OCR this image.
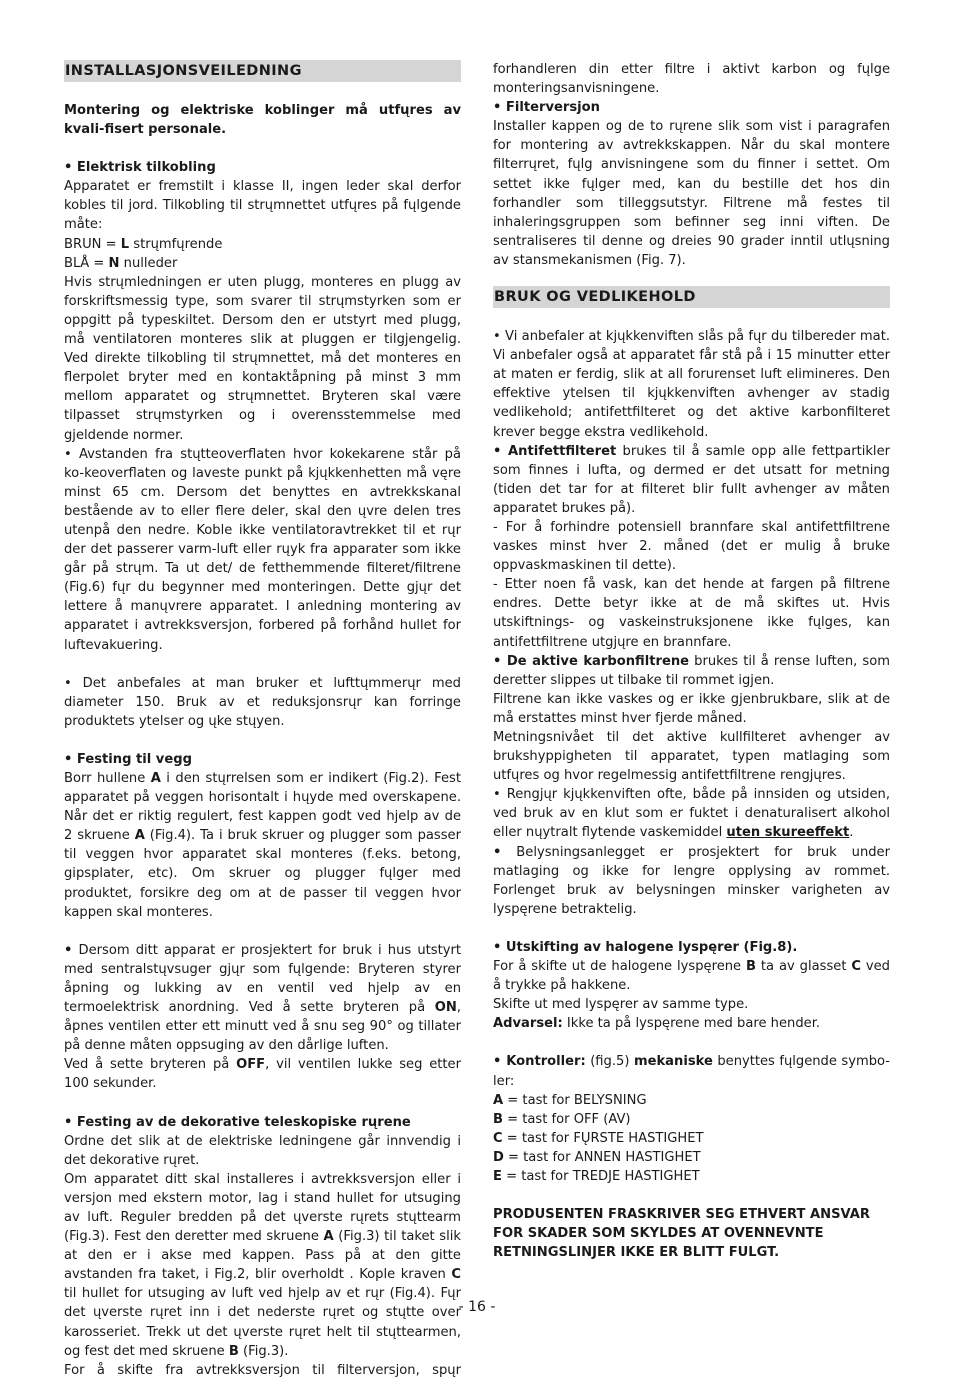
INSTALLASJONSVEILEDNING

Montering og elektriske koblinger må utfųres av kvali-fisert personale.

• Elektrisk tilkobling

Apparatet er fremstilt i klasse II, ingen leder skal derfor kobles til jord. Tilkobling til strųmnettet utfųres på fųlgende måte:

BRUN = L strųmfųrende

BLÅ = N nulleder

Hvis strųmledningen er uten plugg, monteres en plugg av forskriftsmessig type, som svarer til strųmstyrken som er oppgitt på typeskiltet. Dersom den er utstyrt med plugg, må ventilatoren monteres slik at pluggen er tilgjengelig. Ved direkte tilkobling til strųmnettet, må det monteres en flerpolet bryter med en kontaktåpning på minst 3 mm mellom apparatet og strųmnettet. Bryteren skal være tilpasset strųmstyrken og i overensstemmelse med gjeldende normer.

• Avstanden fra stųtteoverflaten hvor kokekarene står på ko-keoverflaten og laveste punkt på kjųkkenhetten må vęre minst 65 cm. Dersom det benyttes en avtrekkskanal bestående av to eller flere deler, skal den ųvre delen tres utenpå den nedre. Koble ikke ventilatoravtrekket til et rųr der det passerer varm-luft eller rųyk fra apparater som ikke går på strųm. Ta ut det/ de fetthemmende filteret/filtrene (Fig.6) fųr du begynner med monteringen. Dette gjųr det lettere å manųvrere apparatet. I anledning montering av apparatet i avtrekksversjon, forbered på forhånd hullet for luftevakuering.

• Det anbefales at man bruker et lufttųmmerųr med diameter 150. Bruk av et reduksjonsrųr kan forringe produktets ytelser og ųke stųyen.

• Festing til vegg

Borr hullene A i den stųrrelsen som er indikert (Fig.2). Fest apparatet på veggen horisontalt i hųyde med overskapene. Når det er riktig regulert, fest kappen godt ved hjelp av de 2 skruene A (Fig.4). Ta i bruk skruer og plugger som passer til veggen hvor apparatet skal monteres (f.eks. betong, gipsplater, etc). Om skruer og plugger fųlger med produktet, forsikre deg om at de passer til veggen hvor kappen skal monteres.

• Dersom ditt apparat er prosjektert for bruk i hus utstyrt med sentralstųvsuger gjųr som fųlgende: Bryteren styrer åpning og lukking av en ventil ved hjelp av en termoelektrisk anordning. Ved å sette bryteren på ON, åpnes ventilen etter ett minutt ved å snu seg 90° og tillater på denne måten oppsuging av den dårlige luften.

Ved å sette bryteren på OFF, vil ventilen lukke seg etter 100 sekunder.

• Festing av de dekorative teleskopiske rųrene

Ordne det slik at de elektriske ledningene går innvendig i det dekorative rųret.

Om apparatet ditt skal installeres i avtrekksversjon eller i versjon med ekstern motor, lag i stand hullet for utsuging av luft. Reguler bredden på det ųverste rųrets stųttearm (Fig.3). Fest den deretter med skruene A (Fig.3) til taket slik at den er i akse med kappen. Pass på at den gitte avstanden fra taket, i Fig.2, blir overholdt . Kople kraven C til hullet for utsuging av luft ved hjelp av et rųr (Fig.4). Fųr det ųverste rųret inn i det nederste rųret og stųtte over karosseriet. Trekk ut det ųverste rųret helt til stųttearmen, og fest det med skruene B (Fig.3).

For å skifte fra avtrekksversjon til filterversjon, spųr

forhandleren din etter filtre i aktivt karbon og fųlge monteringsanvisningene.

• Filterversjon

Installer kappen og de to rųrene slik som vist i paragrafen for montering av avtrekkskappen. Når du skal montere filterrųret, fųlg anvisningene som du finner i settet. Om settet ikke fųlger med, kan du bestille det hos din forhandler som tilleggsutstyr. Filtrene må festes til inhaleringsgruppen som befinner seg inni viften. De sentraliseres til denne og dreies 90 grader inntil utlųsning av stansmekanismen (Fig. 7).

BRUK OG VEDLIKEHOLD

• Vi anbefaler at kjųkkenviften slås på fųr du tilbereder mat. Vi anbefaler også at apparatet får stå på i 15 minutter etter at maten er ferdig, slik at all forurenset luft elimineres. Den effektive ytelsen til kjųkkenviften avhenger av stadig vedlikehold; antifettfilteret og det aktive karbonfilteret krever begge ekstra vedlikehold.

• Antifettfilteret brukes til å samle opp alle fettpartikler som finnes i lufta, og dermed er det utsatt for metning (tiden det tar for at filteret blir fullt avhenger av måten apparatet brukes på).

- For å forhindre potensiell brannfare skal antifettfiltrene vaskes minst hver 2. måned (det er mulig å bruke oppvaskmaskinen til dette).

- Etter noen få vask, kan det hende at fargen på filtrene endres. Dette betyr ikke at de må skiftes ut. Hvis utskiftnings- og vaskeinstruksjonene ikke fųlges, kan antifettfiltrene utgjųre en brannfare.

• De aktive karbonfiltrene brukes til å rense luften, som deretter slippes ut tilbake til rommet igjen.

Filtrene kan ikke vaskes og er ikke gjenbrukbare, slik at de må erstattes minst hver fjerde måned.

Metningsnivået til det aktive kullfilteret avhenger av brukshyppigheten til apparatet, typen matlaging som utfųres og hvor regelmessig antifettfiltrene rengjųres.

• Rengjųr kjųkkenviften ofte, både på innsiden og utsiden, ved bruk av en klut som er fuktet i denaturalisert alkohol eller nųytralt flytende vaskemiddel uten skureeffekt.

• Belysningsanlegget er prosjektert for bruk under matlaging og ikke for lengre opplysing av rommet. Forlenget bruk av belysningen minsker varigheten av lyspęrene betraktelig.

• Utskifting av halogene lyspęrer (Fig.8).

For å skifte ut de halogene lyspęrene B ta av glasset C ved å trykke på hakkene.

Skifte ut med lyspęrer av samme type.

Advarsel: Ikke ta på lyspęrene med bare hender.

• Kontroller: (fig.5) mekaniske benyttes fųlgende symbo-ler:

A = tast for BELYSNING

B = tast for OFF (AV)

C = tast for FŲRSTE HASTIGHET

D = tast for ANNEN HASTIGHET

E = tast for TREDJE HASTIGHET

PRODUSENTEN FRASKRIVER SEG ETHVERT ANSVAR FOR SKADER SOM SKYLDES AT OVENNEVNTE RETNINGSLINJER IKKE ER BLITT FULGT.

- 16 -
